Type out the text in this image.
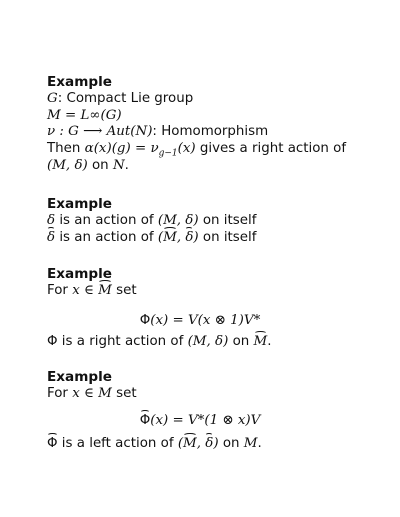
Example
G: Compact Lie group
M = L∞(G)
ν : G ⟶ Aut(N): Homomorphism
Then $\alpha(x)(g) = \nu_{g-1}(x)$ gives a right action of
(M, δ) on N.
Example
δ is an action of (M, δ) on itself
δ is an action of (M, δ) on itself
Example
For x ∈ M set
Φ(x) = V(x ⊗ 1)V*
Φ is a right action of (M, δ) on M.
Example
For x ∈ M set
Φ(x) = V*(1 ⊗ x)V
Φ is a left action of (M, δ) on M.
